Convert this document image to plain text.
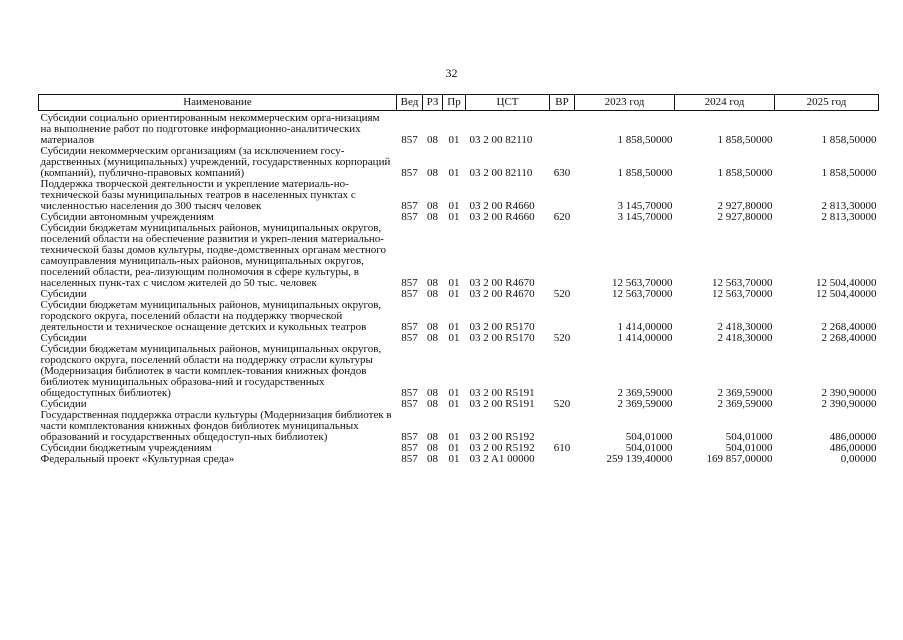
32
Наименование	Вед	РЗ	Пр	ЦСТ	ВР	2023 год	2024 год	2025 год
Субсидии социально ориентированным некоммерческим орга-низациям на выполнение работ по подготовке информационно-аналитических материалов	857	08	01	03 2 00 82110		1 858,50000	1 858,50000	1 858,50000
Субсидии некоммерческим организациям (за исключением госу-дарственных (муниципальных) учреждений, государственных корпораций (компаний), публично-правовых компаний)	857	08	01	03 2 00 82110	630	1 858,50000	1 858,50000	1 858,50000
Поддержка творческой деятельности и укрепление материаль-но-технической базы муниципальных театров в населенных пунктах с численностью населения до 300 тысяч человек	857	08	01	03 2 00 R4660		3 145,70000	2 927,80000	2 813,30000
Субсидии автономным учреждениям	857	08	01	03 2 00 R4660	620	3 145,70000	2 927,80000	2 813,30000
Субсидии бюджетам муниципальных районов, муниципальных округов, поселений области на обеспечение развития и укреп-ления материально-технической базы домов культуры, подве-домственных органам местного самоуправления муниципаль-ных районов, муниципальных округов, поселений области, реа-лизующим полномочия в сфере культуры, в населенных пунк-тах с числом жителей до 50 тыс. человек	857	08	01	03 2 00 R4670		12 563,70000	12 563,70000	12 504,40000
Субсидии	857	08	01	03 2 00 R4670	520	12 563,70000	12 563,70000	12 504,40000
Субсидии бюджетам муниципальных районов, муниципальных округов, городского округа, поселений области на поддержку творческой деятельности и техническое оснащение детских и кукольных театров	857	08	01	03 2 00 R5170		1 414,00000	2 418,30000	2 268,40000
Субсидии	857	08	01	03 2 00 R5170	520	1 414,00000	2 418,30000	2 268,40000
Субсидии бюджетам муниципальных районов, муниципальных округов, городского округа, поселений области на поддержку отрасли культуры (Модернизация библиотек в части комплек-тования книжных фондов библиотек муниципальных образова-ний и государственных общедоступных библиотек)	857	08	01	03 2 00 R5191		2 369,59000	2 369,59000	2 390,90000
Субсидии	857	08	01	03 2 00 R5191	520	2 369,59000	2 369,59000	2 390,90000
Государственная поддержка отрасли культуры (Модернизация библиотек в части комплектования книжных фондов библиотек муниципальных образований и государственных общедоступ-ных библиотек)	857	08	01	03 2 00 R5192		504,01000	504,01000	486,00000
Субсидии бюджетным учреждениям	857	08	01	03 2 00 R5192	610	504,01000	504,01000	486,00000
Федеральный проект «Культурная среда»	857	08	01	03 2 A1 00000		259 139,40000	169 857,00000	0,00000
